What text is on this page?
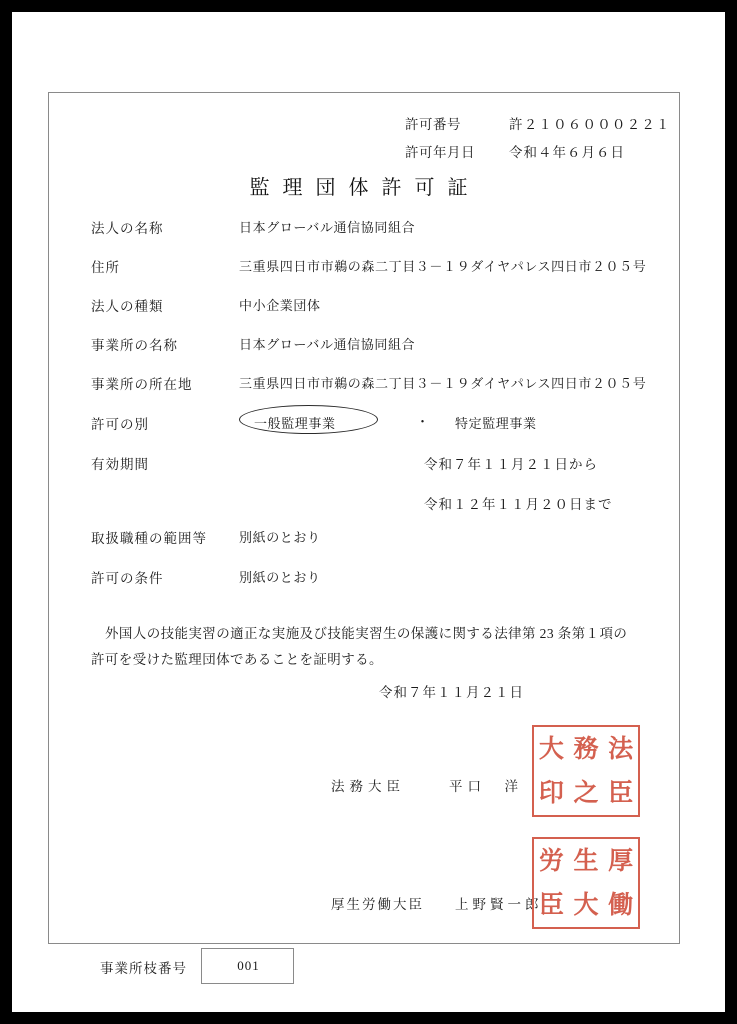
許可番号	許２１０６０００２２１
許可年月日	令和４年６月６日
監理団体許可証
法人の名称	日本グローバル通信協同組合
住所	三重県四日市市鵜の森二丁目３－１９ダイヤパレス四日市２０５号
法人の種類	中小企業団体
事業所の名称	日本グローバル通信協同組合
事業所の所在地	三重県四日市市鵜の森二丁目３－１９ダイヤパレス四日市２０５号
許可の別	一般監理事業	・ 特定監理事業
有効期間	令和７年１１月２１日から
令和１２年１１月２０日まで
取扱職種の範囲等 別紙のとおり
許可の条件	別紙のとおり
外国人の技能実習の適正な実施及び技能実習生の保護に関する法律第 23 条第１項の許可を受けた監理団体であることを証明する。
令和７年１１月２１日
法務大臣	平口　洋
厚生労働大臣 上野賢一郎
法
務
大
臣
之
印
厚
生
労
働
大
臣
事業所枝番号	001
